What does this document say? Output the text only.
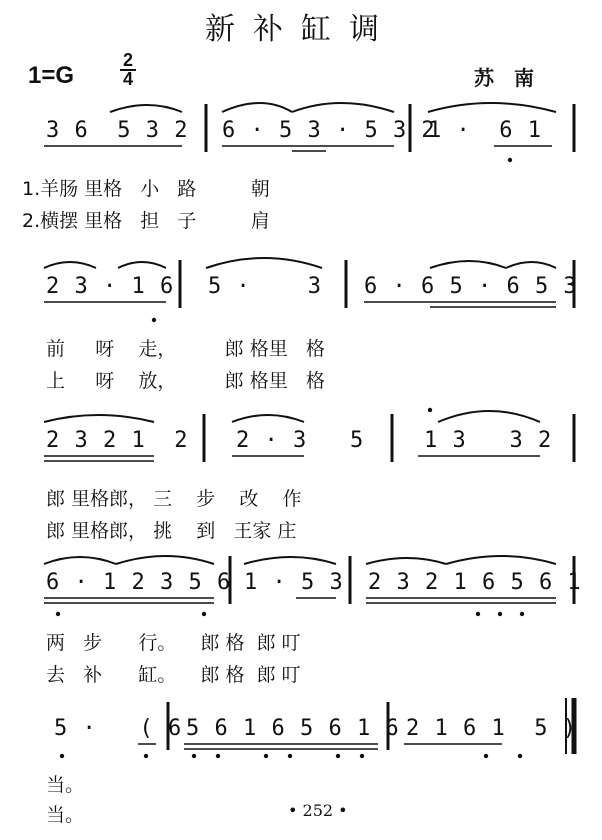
新补缸调
$1=G \frac{2}{4}$	苏南
3 6  5 3 2 6 · 5 3 · 5 3 2
1 ·  6 1
1.羊肠 里格   小   路         朝
2.横摆 里格   担   子         肩
2 3 · 1 6 5 ·    3 6 · 6 5 · 6 5 3
前     呀    走，        郎 格里   格
上     呀    放，        郎 格里   格
2 3 2 1  2 2 · 3   5	1 3   3 2
郎 里格郎， 三    步    改    作
郎 里格郎， 挑    到   王家 庄
6 · 1 2 3 5 6 1 · 5 3 2 3 2 1 6 5 6 1
两   步      行。    郎 格  郎 叮
去   补      缸。    郎 格  郎 叮
5 ·   ( 6 5 6 1 6 5 6 1 6 2 1 6 1  5 )
当。
当。	• 252 •
